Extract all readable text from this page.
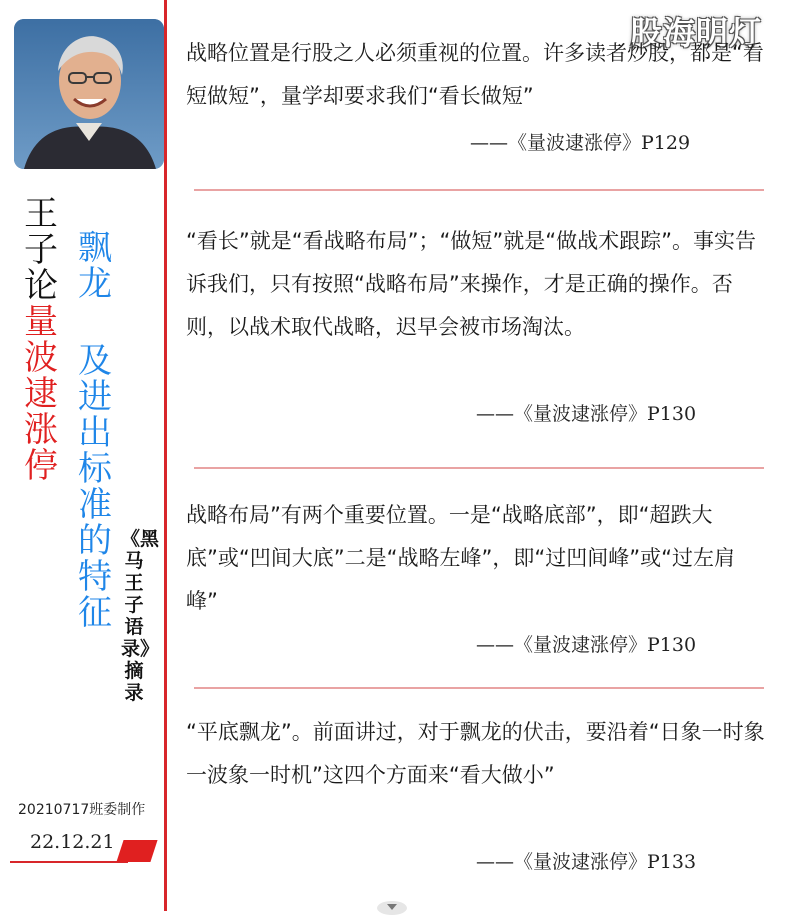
王子论
量波逮涨停
飘龙
及进出标准的特征
《黑马王子语录》摘录
20210717班委制作
22.12.21
股海明灯
战略位置是行股之人必须重视的位置。许多读者炒股，都是“看短做短”，量学却要求我们“看长做短”
——《量波逮涨停》P129
“看长”就是“看战略布局”；“做短”就是“做战术跟踪”。事实告诉我们，只有按照“战略布局”来操作，才是正确的操作。否则，以战术取代战略，迟早会被市场淘汰。
——《量波逮涨停》P130
战略布局”有两个重要位置。一是“战略底部”，即“超跌大底”或“凹间大底”二是“战略左峰”，即“过凹间峰”或“过左肩峰”
——《量波逮涨停》P130
“平底飘龙”。前面讲过，对于飘龙的伏击，要沿着“日象一时象一波象一时机”这四个方面来“看大做小”
——《量波逮涨停》P133
